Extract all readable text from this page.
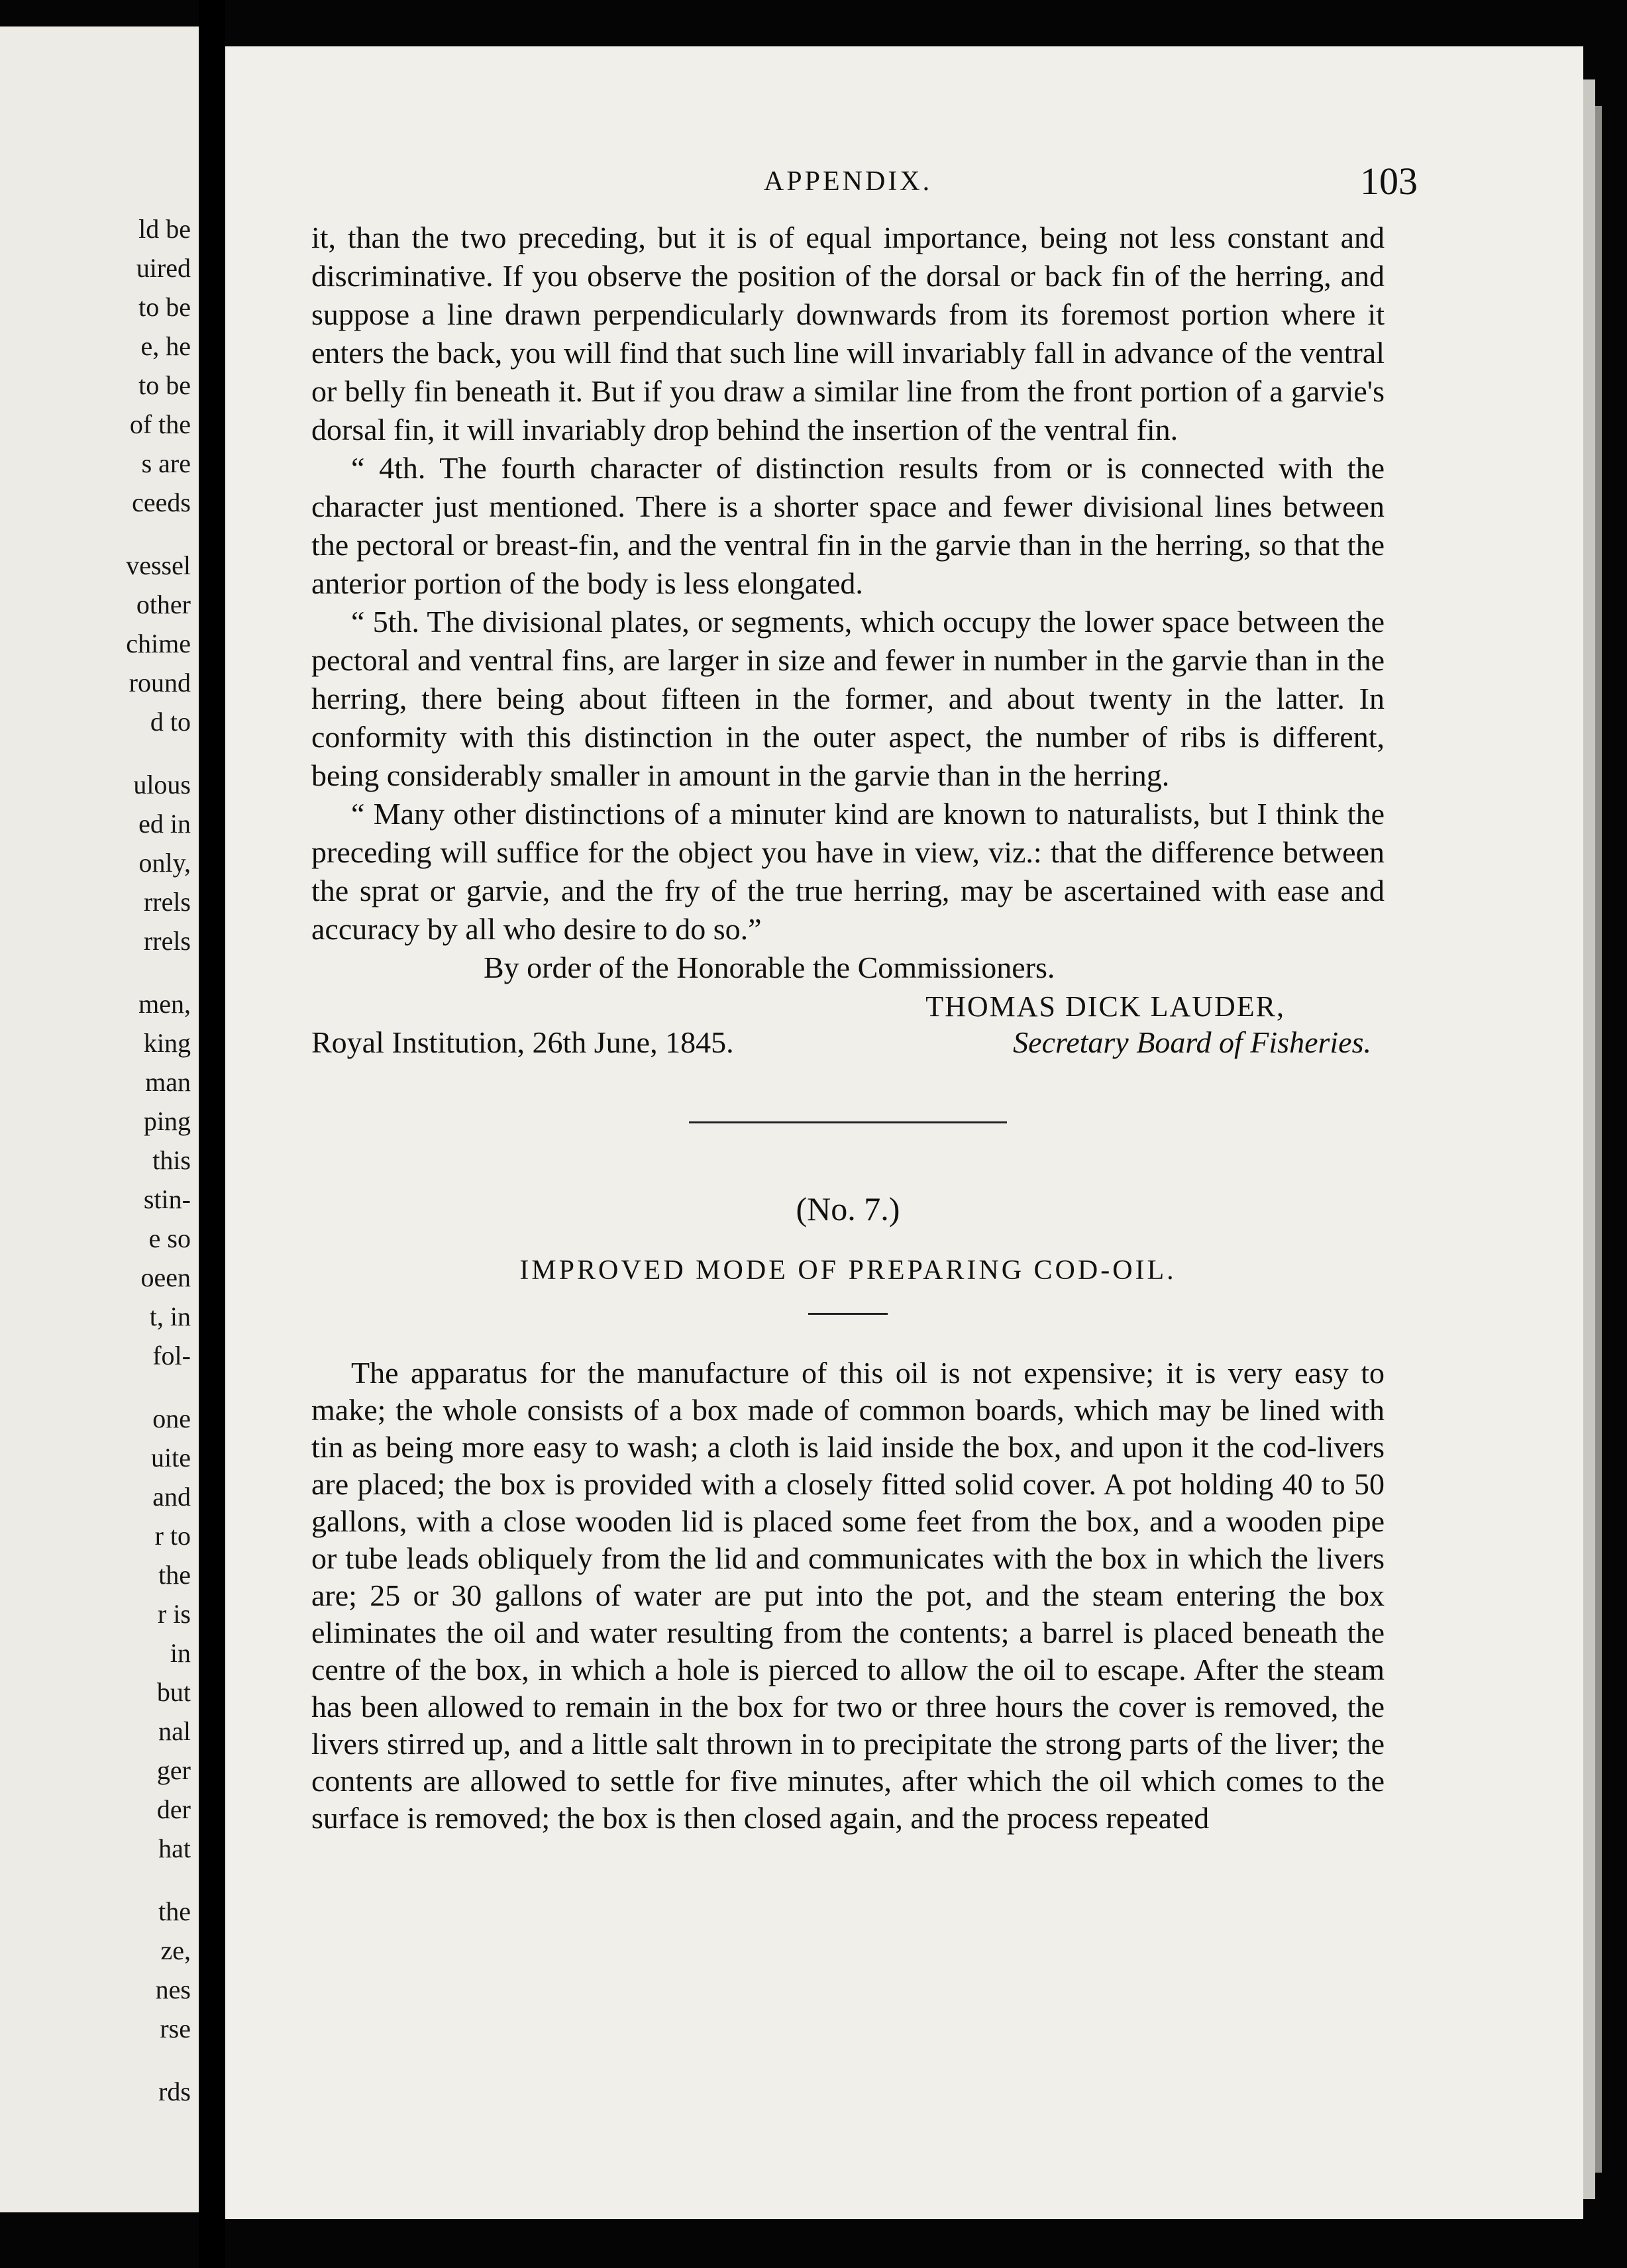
ld be
uired
to be
e, he
to be
of the
s are
ceeds
vessel
other
chime
round
d to
ulous
ed in
only,
rrels
rrels
men,
king
man
ping
this
stin-
e so
oeen
t, in
fol-
one
uite
and
r to
the
r is
in
but
nal
ger
der
hat
the
ze,
nes
rse
rds
APPENDIX.	103

it, than the two preceding, but it is of equal importance, being not less constant and discriminative. If you observe the position of the dorsal or back fin of the herring, and suppose a line drawn perpendicularly downwards from its foremost portion where it enters the back, you will find that such line will invariably fall in advance of the ventral or belly fin beneath it. But if you draw a similar line from the front portion of a garvie's dorsal fin, it will invariably drop behind the insertion of the ventral fin.

“ 4th. The fourth character of distinction results from or is connected with the character just mentioned. There is a shorter space and fewer divisional lines between the pectoral or breast-fin, and the ventral fin in the garvie than in the herring, so that the anterior portion of the body is less elongated.

“ 5th. The divisional plates, or segments, which occupy the lower space between the pectoral and ventral fins, are larger in size and fewer in number in the garvie than in the herring, there being about fifteen in the former, and about twenty in the latter. In conformity with this distinction in the outer aspect, the number of ribs is different, being considerably smaller in amount in the garvie than in the herring.

“ Many other distinctions of a minuter kind are known to naturalists, but I think the preceding will suffice for the object you have in view, viz.: that the difference between the sprat or garvie, and the fry of the true herring, may be ascertained with ease and accuracy by all who desire to do so.”

By order of the Honorable the Commissioners.
THOMAS DICK LAUDER,
Royal Institution, 26th June, 1845.	Secretary Board of Fisheries.
(No. 7.)
IMPROVED MODE OF PREPARING COD-OIL.

The apparatus for the manufacture of this oil is not expensive; it is very easy to make; the whole consists of a box made of common boards, which may be lined with tin as being more easy to wash; a cloth is laid inside the box, and upon it the cod-livers are placed; the box is provided with a closely fitted solid cover. A pot holding 40 to 50 gallons, with a close wooden lid is placed some feet from the box, and a wooden pipe or tube leads obliquely from the lid and communicates with the box in which the livers are; 25 or 30 gallons of water are put into the pot, and the steam entering the box eliminates the oil and water resulting from the contents; a barrel is placed beneath the centre of the box, in which a hole is pierced to allow the oil to escape. After the steam has been allowed to remain in the box for two or three hours the cover is removed, the livers stirred up, and a little salt thrown in to precipitate the strong parts of the liver; the contents are allowed to settle for five minutes, after which the oil which comes to the surface is removed; the box is then closed again, and the process repeated
